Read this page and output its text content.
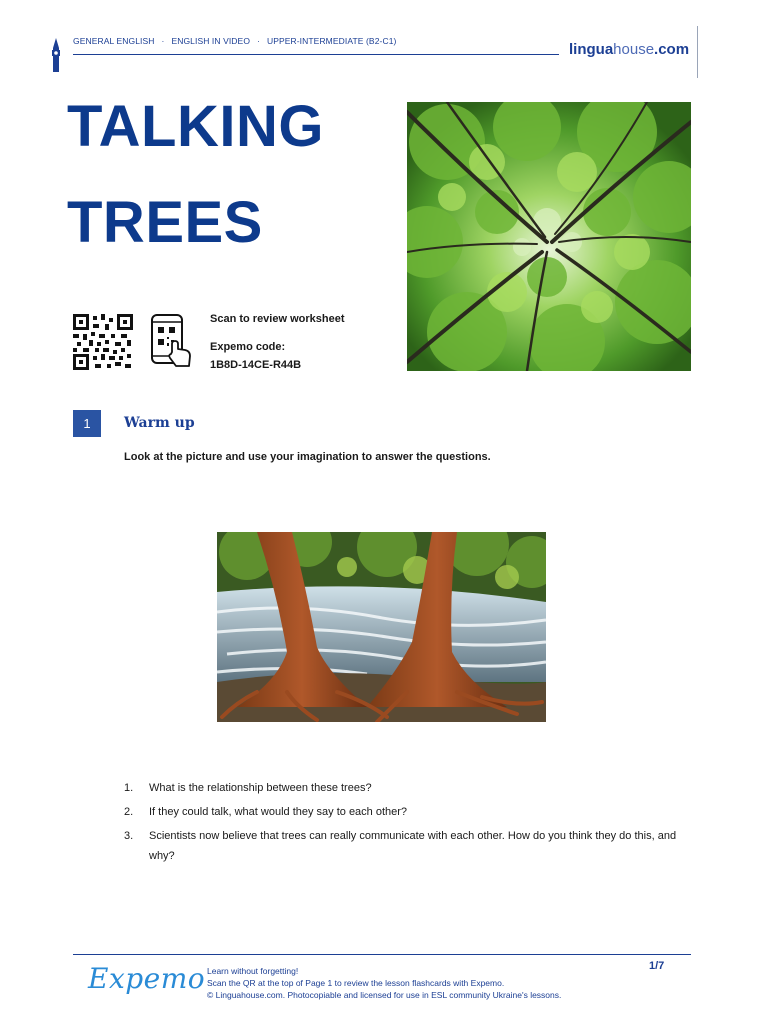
GENERAL ENGLISH · ENGLISH IN VIDEO · UPPER-INTERMEDIATE (B2-C1)	linguahouse.com
TALKING
TREES
Scan to review worksheet
Expemo code:
1B8D-14CE-R44B
1	Warm up
Look at the picture and use your imagination to answer the questions.
1.	What is the relationship between these trees?
2.	If they could talk, what would they say to each other?
3.	Scientists now believe that trees can really communicate with each other. How do you think they do this, and why?
1/7
Expemo Learn without forgetting!
Scan the QR at the top of Page 1 to review the lesson flashcards with Expemo.
© Linguahouse.com. Photocopiable and licensed for use in ESL community Ukraine's lessons.
